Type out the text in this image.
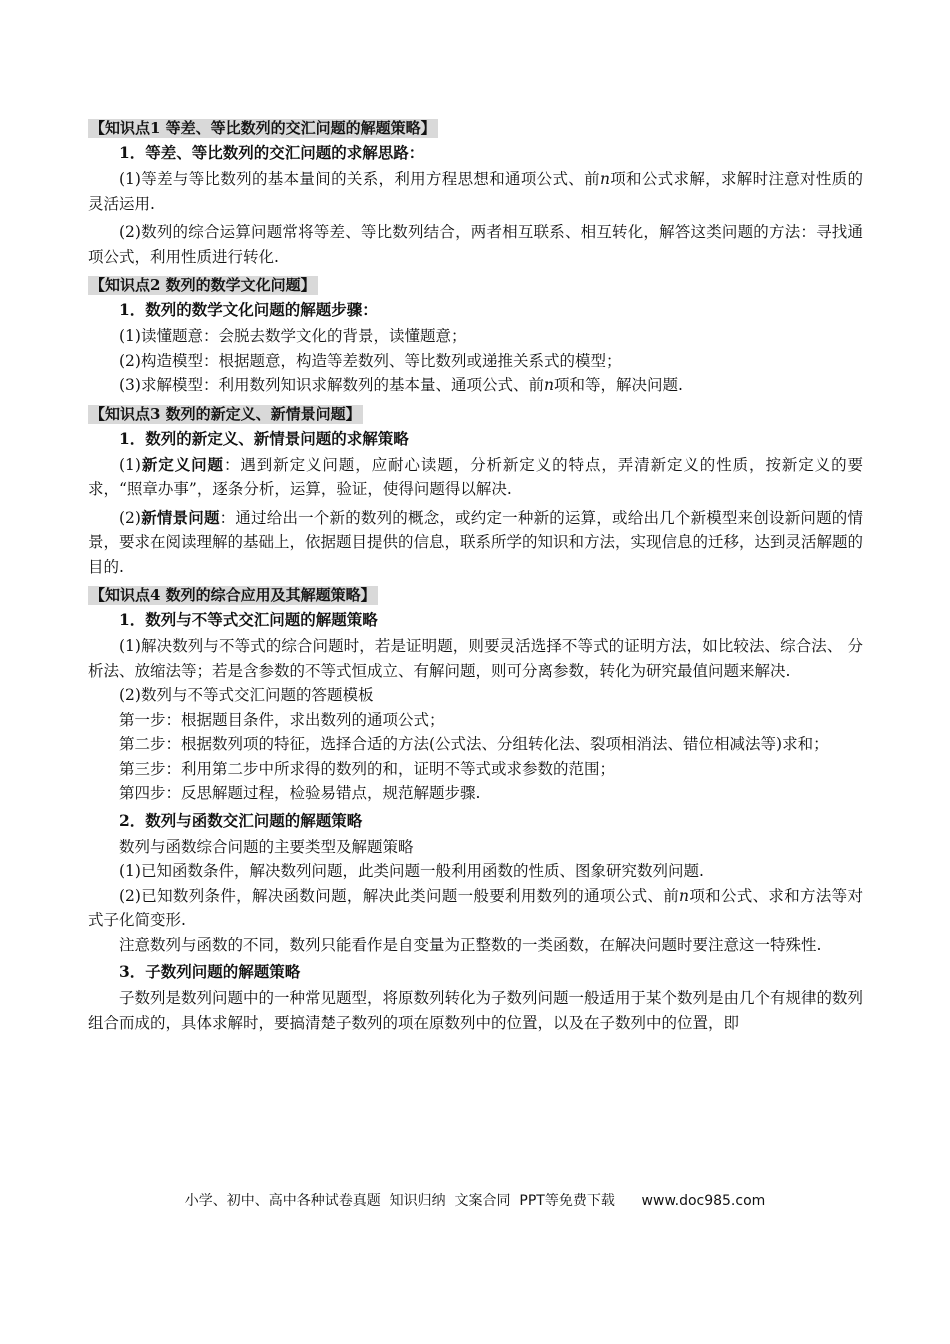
【知识点1 等差、等比数列的交汇问题的解题策略】
1．等差、等比数列的交汇问题的求解思路：

(1)等差与等比数列的基本量间的关系，利用方程思想和通项公式、前n项和公式求解，求解时注意对性质的灵活运用.

(2)数列的综合运算问题常将等差、等比数列结合，两者相互联系、相互转化，解答这类问题的方法：寻找通项公式，利用性质进行转化.

【知识点2 数列的数学文化问题】
1．数列的数学文化问题的解题步骤：

(1)读懂题意：会脱去数学文化的背景，读懂题意；

(2)构造模型：根据题意，构造等差数列、等比数列或递推关系式的模型；

(3)求解模型：利用数列知识求解数列的基本量、通项公式、前n项和等，解决问题.

【知识点3 数列的新定义、新情景问题】
1．数列的新定义、新情景问题的求解策略

(1)新定义问题：遇到新定义问题，应耐心读题，分析新定义的特点，弄清新定义的性质，按新定义的要求，“照章办事”，逐条分析，运算，验证，使得问题得以解决.

(2)新情景问题：通过给出一个新的数列的概念，或约定一种新的运算，或给出几个新模型来创设新问题的情景，要求在阅读理解的基础上，依据题目提供的信息，联系所学的知识和方法，实现信息的迁移，达到灵活解题的目的.

【知识点4 数列的综合应用及其解题策略】
1．数列与不等式交汇问题的解题策略

(1)解决数列与不等式的综合问题时，若是证明题，则要灵活选择不等式的证明方法，如比较法、综合法、 分析法、放缩法等；若是含参数的不等式恒成立、有解问题，则可分离参数，转化为研究最值问题来解决.

(2)数列与不等式交汇问题的答题模板

第一步：根据题目条件，求出数列的通项公式；

第二步：根据数列项的特征，选择合适的方法(公式法、分组转化法、裂项相消法、错位相减法等)求和；

第三步：利用第二步中所求得的数列的和，证明不等式或求参数的范围；

第四步：反思解题过程，检验易错点，规范解题步骤.

2．数列与函数交汇问题的解题策略

数列与函数综合问题的主要类型及解题策略

(1)已知函数条件，解决数列问题，此类问题一般利用函数的性质、图象研究数列问题.

(2)已知数列条件，解决函数问题，解决此类问题一般要利用数列的通项公式、前n项和公式、求和方法等对式子化简变形.

注意数列与函数的不同，数列只能看作是自变量为正整数的一类函数，在解决问题时要注意这一特殊性.

3．子数列问题的解题策略

子数列是数列问题中的一种常见题型，将原数列转化为子数列问题一般适用于某个数列是由几个有规律的数列组合而成的，具体求解时，要搞清楚子数列的项在原数列中的位置，以及在子数列中的位置，即

小学、初中、高中各种试卷真题  知识归纳  文案合同  PPT等免费下载 www.doc985.com
